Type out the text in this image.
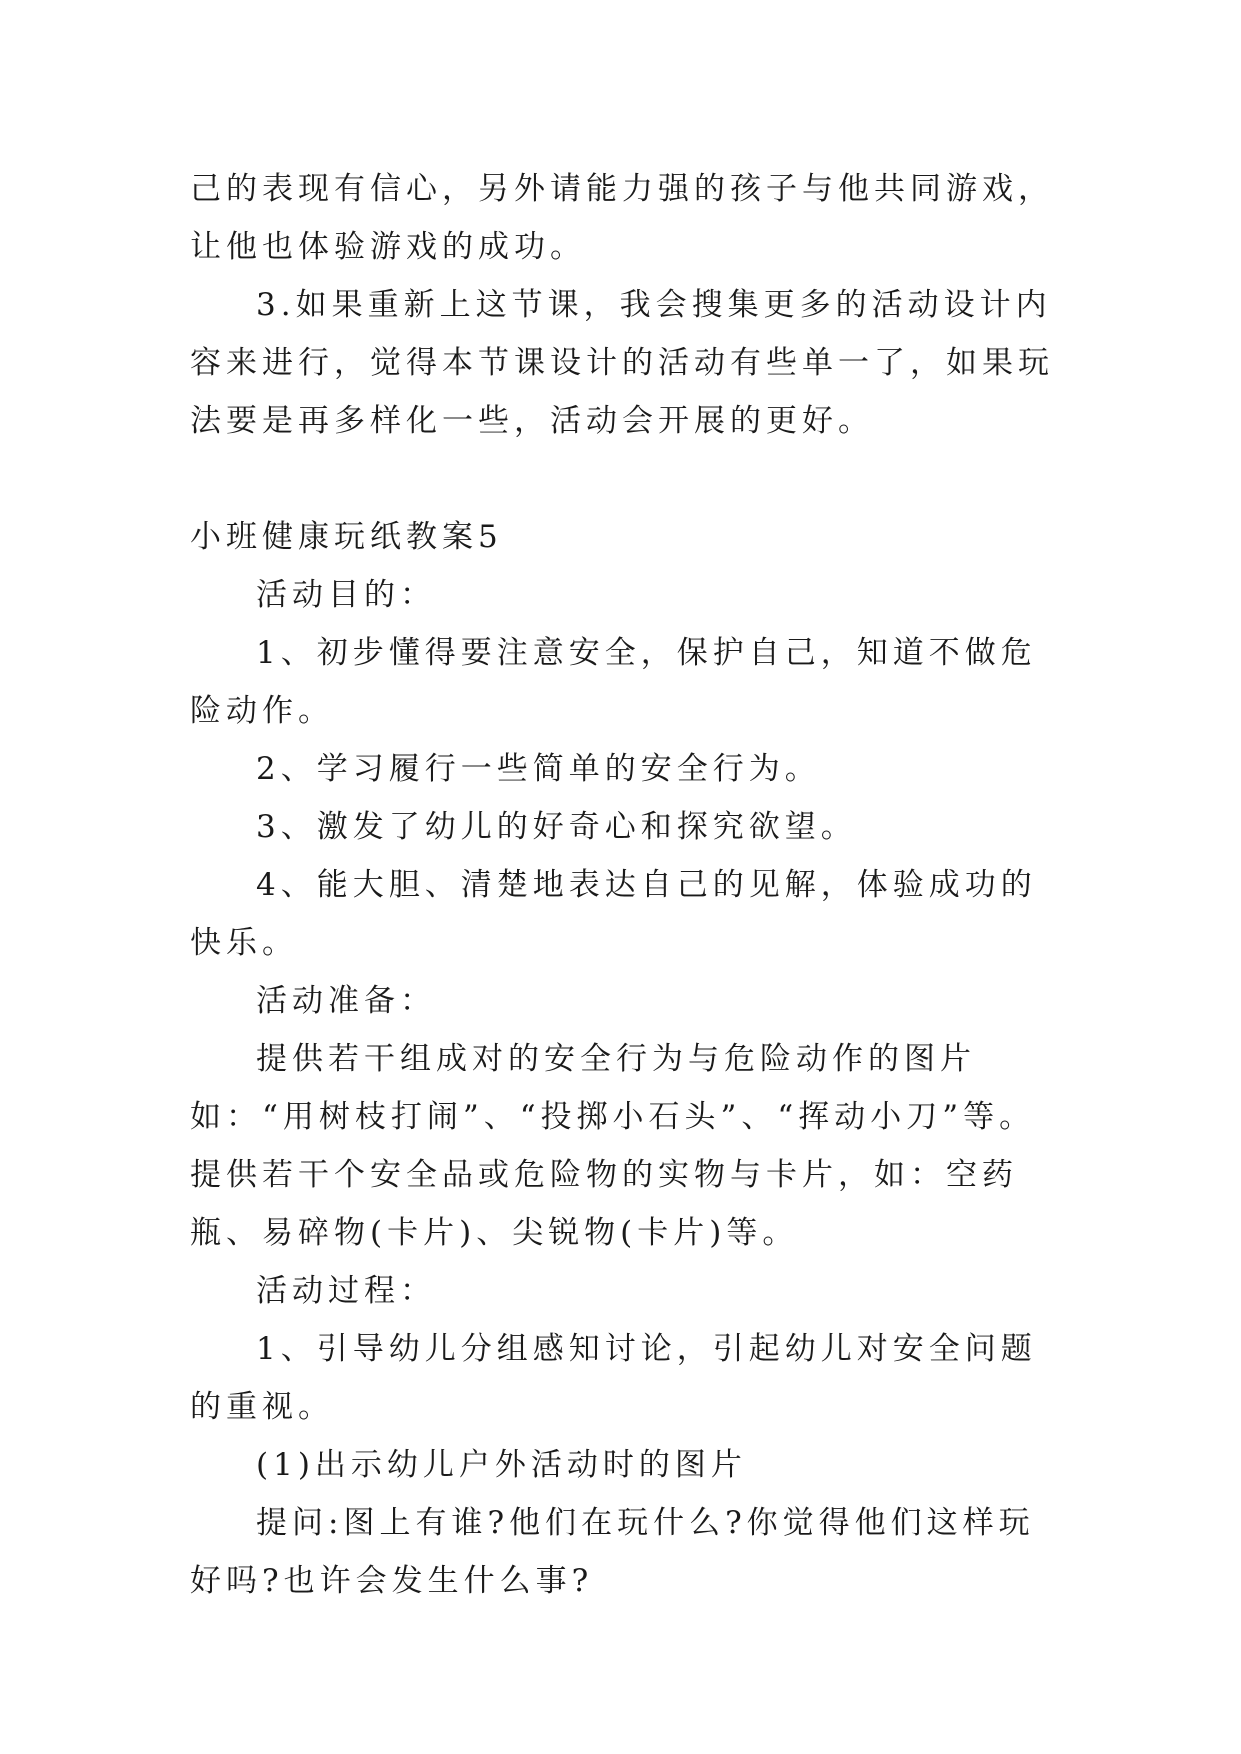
己的表现有信心，另外请能力强的孩子与他共同游戏，让他也体验游戏的成功。

3.如果重新上这节课，我会搜集更多的活动设计内容来进行，觉得本节课设计的活动有些单一了，如果玩法要是再多样化一些，活动会开展的更好。

小班健康玩纸教案5

活动目的：

1、初步懂得要注意安全，保护自己，知道不做危险动作。

2、学习履行一些简单的安全行为。

3、激发了幼儿的好奇心和探究欲望。

4、能大胆、清楚地表达自己的见解，体验成功的快乐。

活动准备：

提供若干组成对的安全行为与危险动作的图片如：“用树枝打闹”、“投掷小石头”、“挥动小刀”等。提供若干个安全品或危险物的实物与卡片，如：空药瓶、易碎物(卡片)、尖锐物(卡片)等。

活动过程：

1、引导幼儿分组感知讨论，引起幼儿对安全问题的重视。

(1)出示幼儿户外活动时的图片

提问:图上有谁?他们在玩什么?你觉得他们这样玩好吗?也许会发生什么事?
